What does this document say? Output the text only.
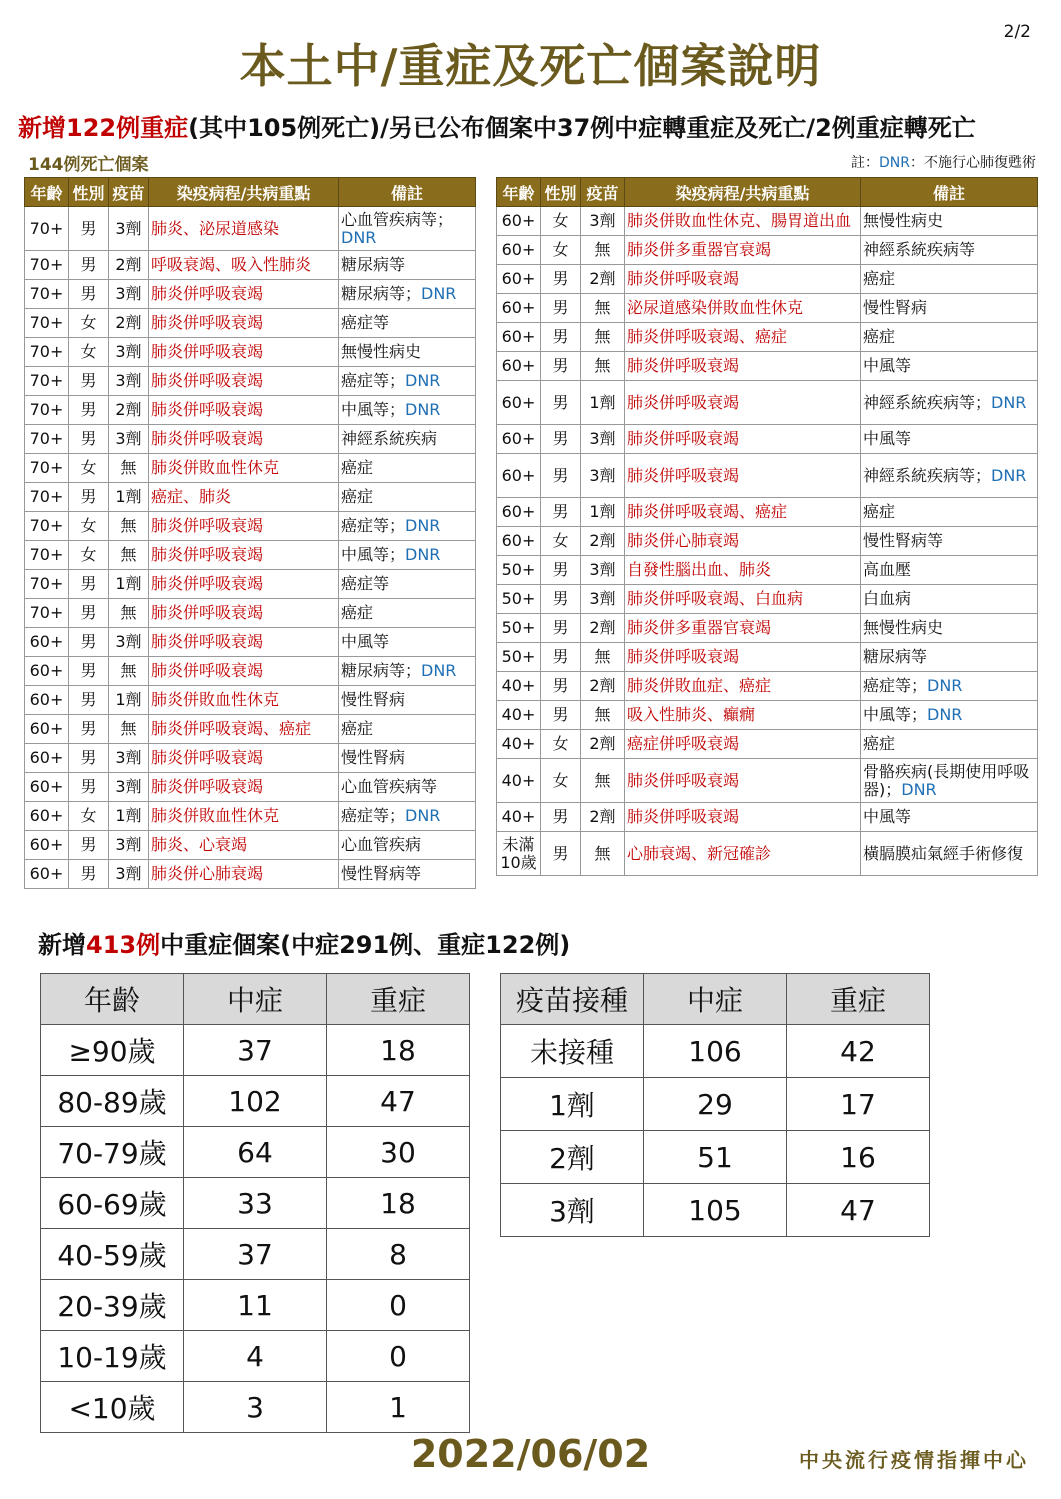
2/2
本土中/重症及死亡個案說明
新增122例重症(其中105例死亡)/另已公布個案中37例中症轉重症及死亡/2例重症轉死亡
144例死亡個案	註：DNR：不施行心肺復甦術
年齡	性別	疫苗	染疫病程/共病重點	備註
70+	男	3劑	肺炎、泌尿道感染	心血管疾病等；DNR
70+	男	2劑	呼吸衰竭、吸入性肺炎	糖尿病等
70+	男	3劑	肺炎併呼吸衰竭	糖尿病等；DNR
70+	女	2劑	肺炎併呼吸衰竭	癌症等
70+	女	3劑	肺炎併呼吸衰竭	無慢性病史
70+	男	3劑	肺炎併呼吸衰竭	癌症等；DNR
70+	男	2劑	肺炎併呼吸衰竭	中風等；DNR
70+	男	3劑	肺炎併呼吸衰竭	神經系統疾病
70+	女	無	肺炎併敗血性休克	癌症
70+	男	1劑	癌症、肺炎	癌症
70+	女	無	肺炎併呼吸衰竭	癌症等；DNR
70+	女	無	肺炎併呼吸衰竭	中風等；DNR
70+	男	1劑	肺炎併呼吸衰竭	癌症等
70+	男	無	肺炎併呼吸衰竭	癌症
60+	男	3劑	肺炎併呼吸衰竭	中風等
60+	男	無	肺炎併呼吸衰竭	糖尿病等；DNR
60+	男	1劑	肺炎併敗血性休克	慢性腎病
60+	男	無	肺炎併呼吸衰竭、癌症	癌症
60+	男	3劑	肺炎併呼吸衰竭	慢性腎病
60+	男	3劑	肺炎併呼吸衰竭	心血管疾病等
60+	女	1劑	肺炎併敗血性休克	癌症等；DNR
60+	男	3劑	肺炎、心衰竭	心血管疾病
60+	男	3劑	肺炎併心肺衰竭	慢性腎病等
年齡	性別	疫苗	染疫病程/共病重點	備註
60+	女	3劑	肺炎併敗血性休克、腸胃道出血	無慢性病史
60+	女	無	肺炎併多重器官衰竭	神經系統疾病等
60+	男	2劑	肺炎併呼吸衰竭	癌症
60+	男	無	泌尿道感染併敗血性休克	慢性腎病
60+	男	無	肺炎併呼吸衰竭、癌症	癌症
60+	男	無	肺炎併呼吸衰竭	中風等
60+	男	1劑	肺炎併呼吸衰竭	神經系統疾病等；DNR
60+	男	3劑	肺炎併呼吸衰竭	中風等
60+	男	3劑	肺炎併呼吸衰竭	神經系統疾病等；DNR
60+	男	1劑	肺炎併呼吸衰竭、癌症	癌症
60+	女	2劑	肺炎併心肺衰竭	慢性腎病等
50+	男	3劑	自發性腦出血、肺炎	高血壓
50+	男	3劑	肺炎併呼吸衰竭、白血病	白血病
50+	男	2劑	肺炎併多重器官衰竭	無慢性病史
50+	男	無	肺炎併呼吸衰竭	糖尿病等
40+	男	2劑	肺炎併敗血症、癌症	癌症等；DNR
40+	男	無	吸入性肺炎、癲癇	中風等；DNR
40+	女	2劑	癌症併呼吸衰竭	癌症
40+	女	無	肺炎併呼吸衰竭	骨骼疾病(長期使用呼吸器)；DNR
40+	男	2劑	肺炎併呼吸衰竭	中風等
未滿10歲	男	無	心肺衰竭、新冠確診	橫膈膜疝氣經手術修復
新增413例中重症個案(中症291例、重症122例)
年齡	中症	重症
≥90歲	37	18
80-89歲	102	47
70-79歲	64	30
60-69歲	33	18
40-59歲	37	8
20-39歲	11	0
10-19歲	4	0
<10歲	3	1
疫苗接種	中症	重症
未接種	106	42
1劑	29	17
2劑	51	16
3劑	105	47
2022/06/02	中央流行疫情指揮中心
